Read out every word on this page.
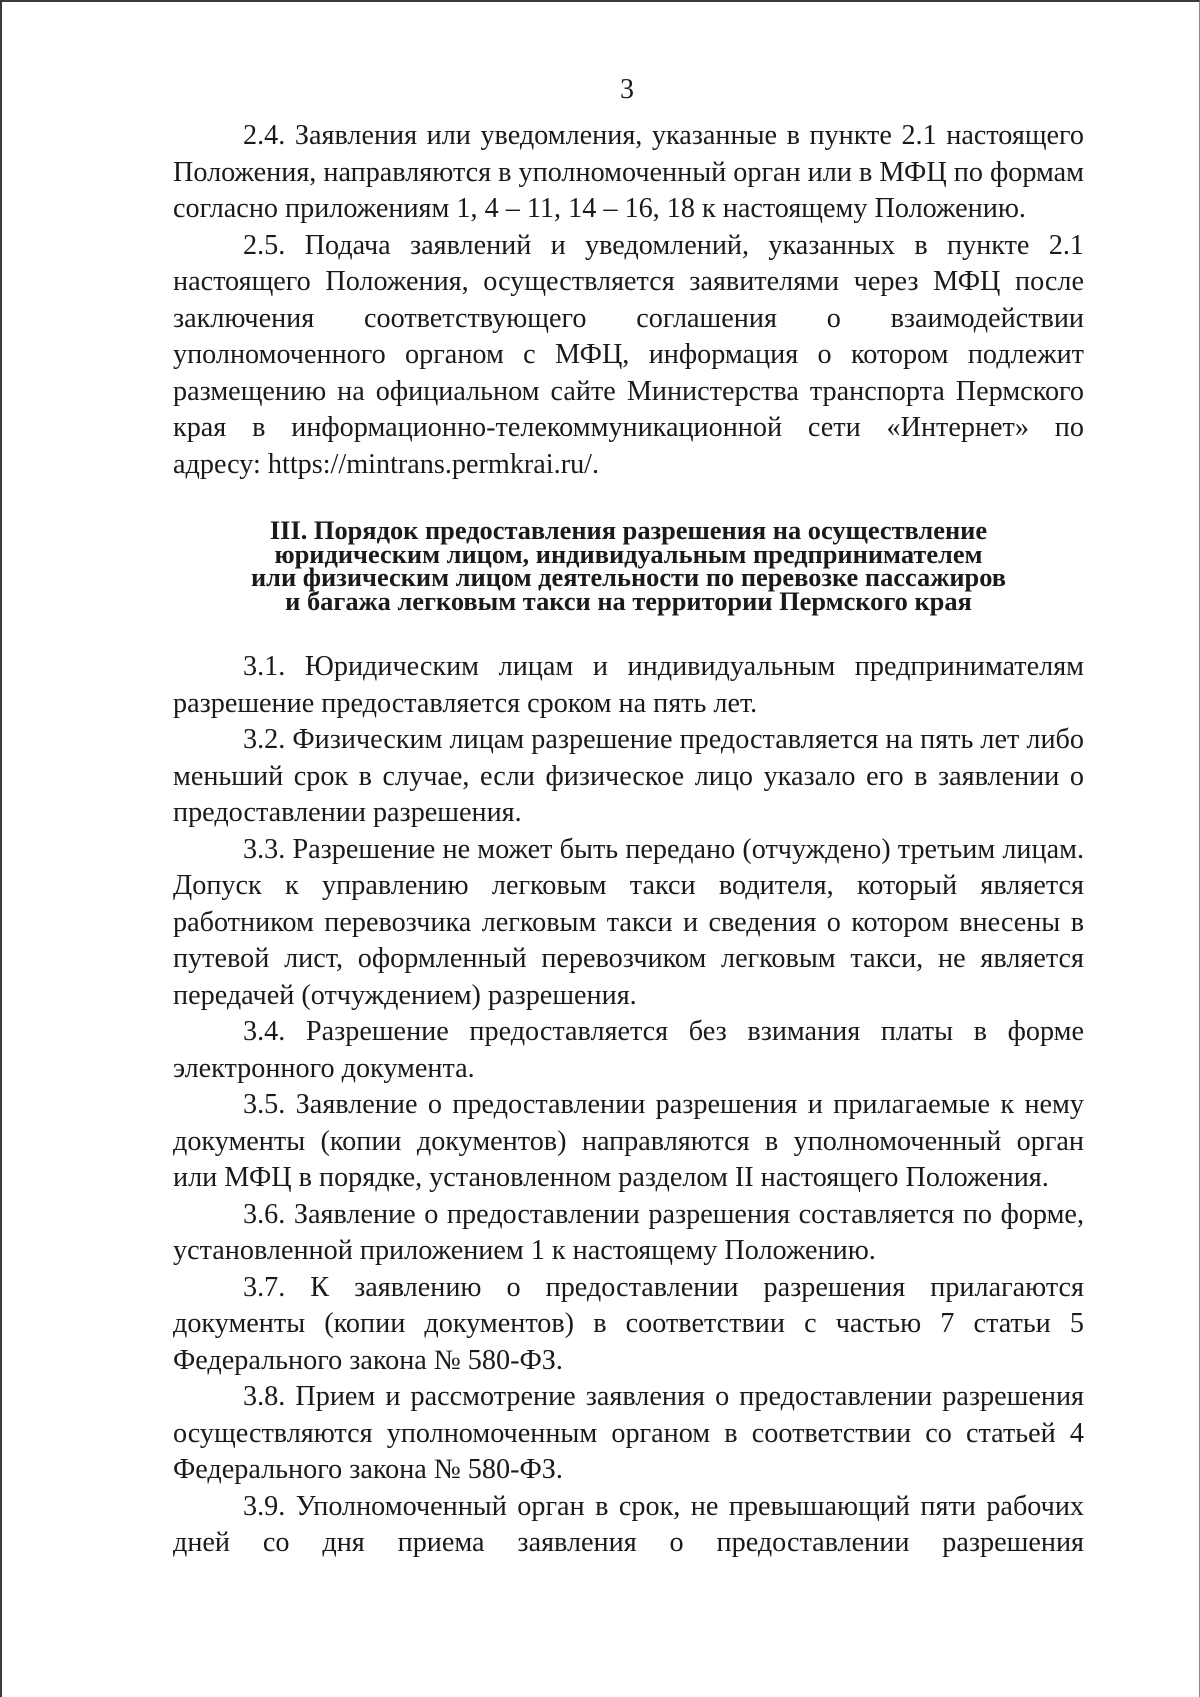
3

2.4. Заявления или уведомления, указанные в пункте 2.1 настоящего Положения, направляются в уполномоченный орган или в МФЦ по формам согласно приложениям 1, 4 – 11, 14 – 16, 18 к настоящему Положению.

2.5. Подача заявлений и уведомлений, указанных в пункте 2.1 настоящего Положения, осуществляется заявителями через МФЦ после заключения соответствующего соглашения о взаимодействии уполномоченного органом с МФЦ, информация о котором подлежит размещению на официальном сайте Министерства транспорта Пермского края в информационно-телекоммуникационной сети «Интернет» по адресу: https://mintrans.permkrai.ru/.

III. Порядок предоставления разрешения на осуществление
юридическим лицом, индивидуальным предпринимателем
или физическим лицом деятельности по перевозке пассажиров
и багажа легковым такси на территории Пермского края

3.1. Юридическим лицам и индивидуальным предпринимателям разрешение предоставляется сроком на пять лет.

3.2. Физическим лицам разрешение предоставляется на пять лет либо меньший срок в случае, если физическое лицо указало его в заявлении о предоставлении разрешения.

3.3. Разрешение не может быть передано (отчуждено) третьим лицам. Допуск к управлению легковым такси водителя, который является работником перевозчика легковым такси и сведения о котором внесены в путевой лист, оформленный перевозчиком легковым такси, не является передачей (отчуждением) разрешения.

3.4. Разрешение предоставляется без взимания платы в форме электронного документа.

3.5. Заявление о предоставлении разрешения и прилагаемые к нему документы (копии документов) направляются в уполномоченный орган или МФЦ в порядке, установленном разделом II настоящего Положения.

3.6. Заявление о предоставлении разрешения составляется по форме, установленной приложением 1 к настоящему Положению.

3.7. К заявлению о предоставлении разрешения прилагаются документы (копии документов) в соответствии с частью 7 статьи 5 Федерального закона № 580-ФЗ.

3.8. Прием и рассмотрение заявления о предоставлении разрешения осуществляются уполномоченным органом в соответствии со статьей 4 Федерального закона № 580-ФЗ.

3.9. Уполномоченный орган в срок, не превышающий пяти рабочих дней со дня приема заявления о предоставлении разрешения
